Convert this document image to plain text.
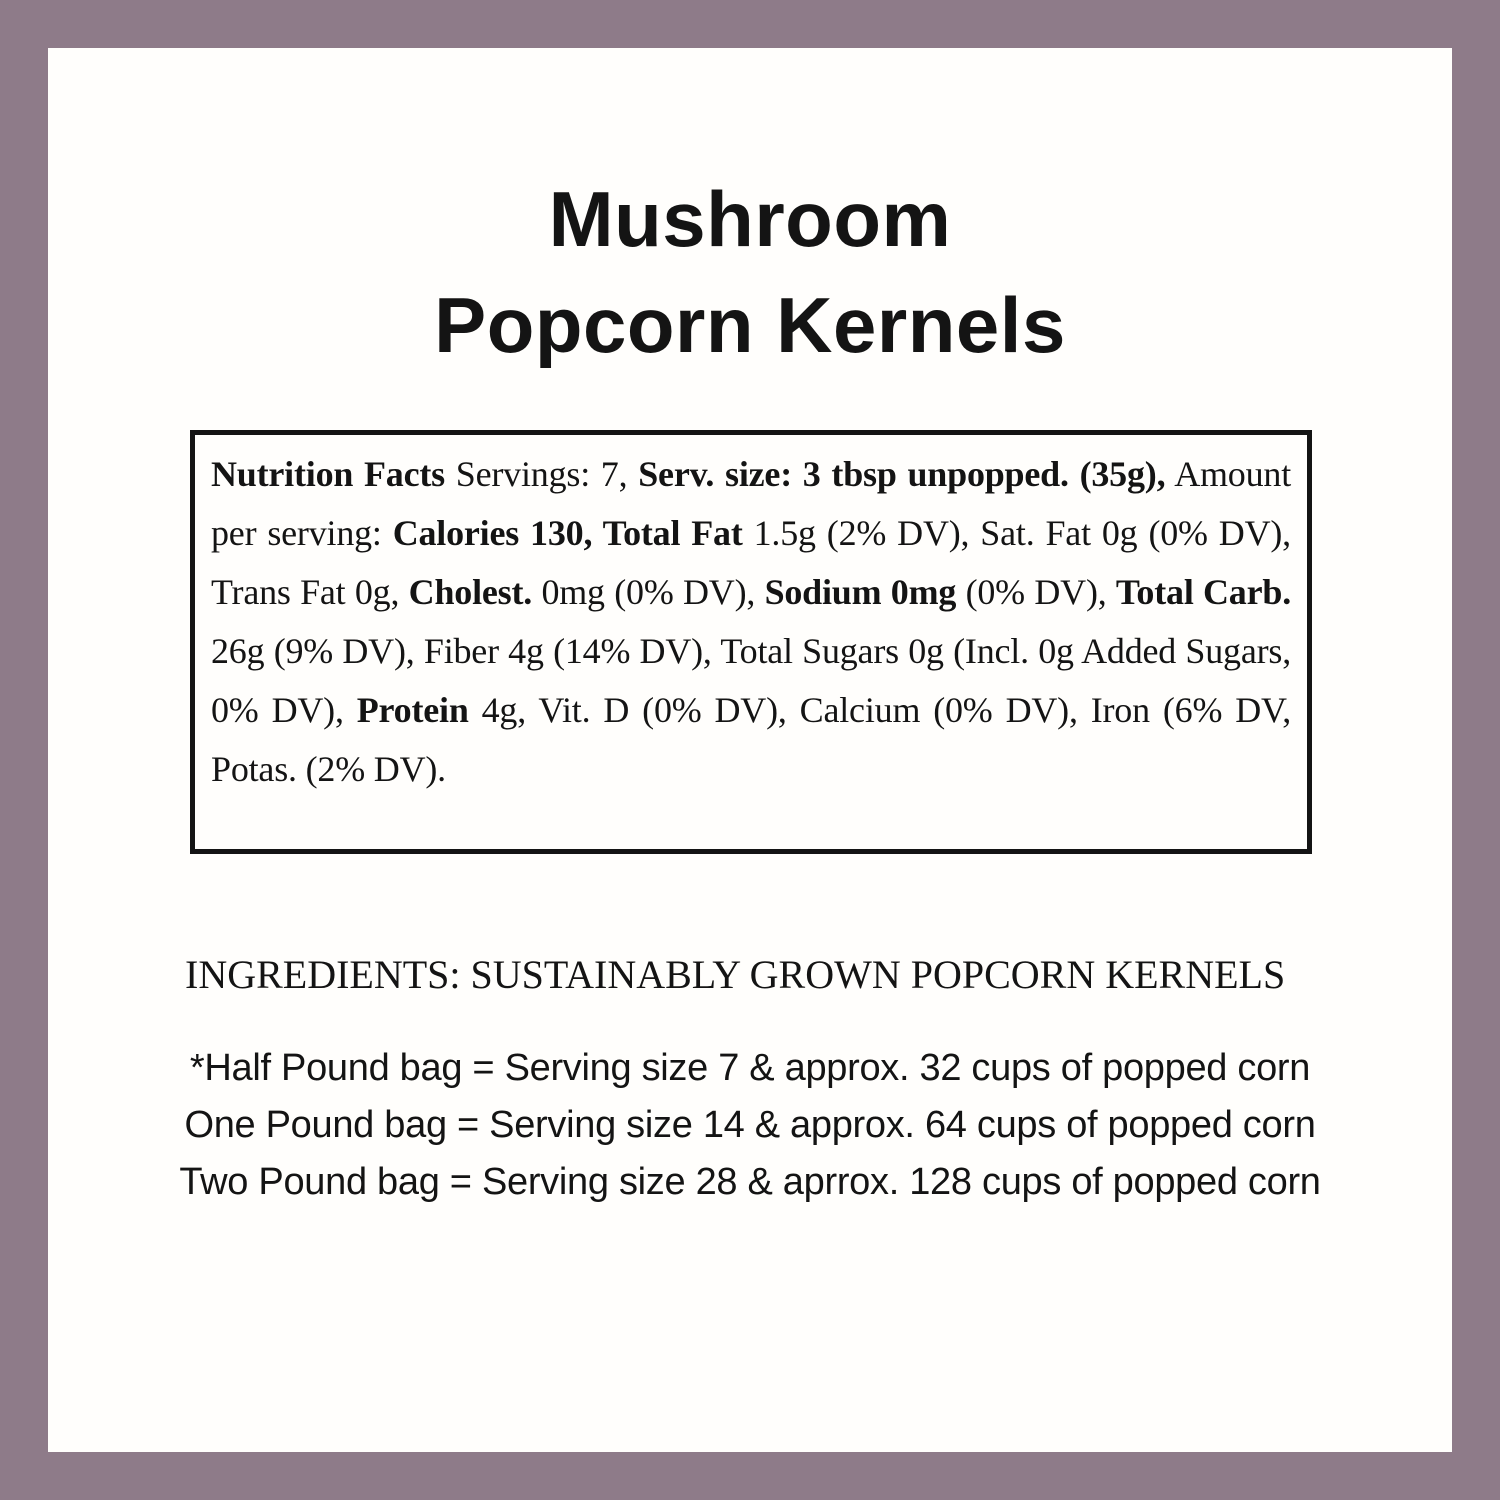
Mushroom
Popcorn Kernels

Nutrition Facts Servings: 7, Serv. size: 3 tbsp unpopped. (35g), Amount per serving: Calories 130, Total Fat 1.5g (2% DV), Sat. Fat 0g (0% DV), Trans Fat 0g, Cholest. 0mg (0% DV), Sodium 0mg (0% DV), Total Carb. 26g (9% DV), Fiber 4g (14% DV), Total Sugars 0g (Incl. 0g Added Sugars, 0% DV), Protein 4g, Vit. D (0% DV), Calcium (0% DV), Iron (6% DV, Potas. (2% DV).

INGREDIENTS: SUSTAINABLY GROWN POPCORN KERNELS

*Half Pound bag = Serving size 7 & approx. 32 cups of popped corn
One Pound bag = Serving size 14 & approx. 64 cups of popped corn
Two Pound bag = Serving size 28 & aprrox. 128 cups of popped corn
